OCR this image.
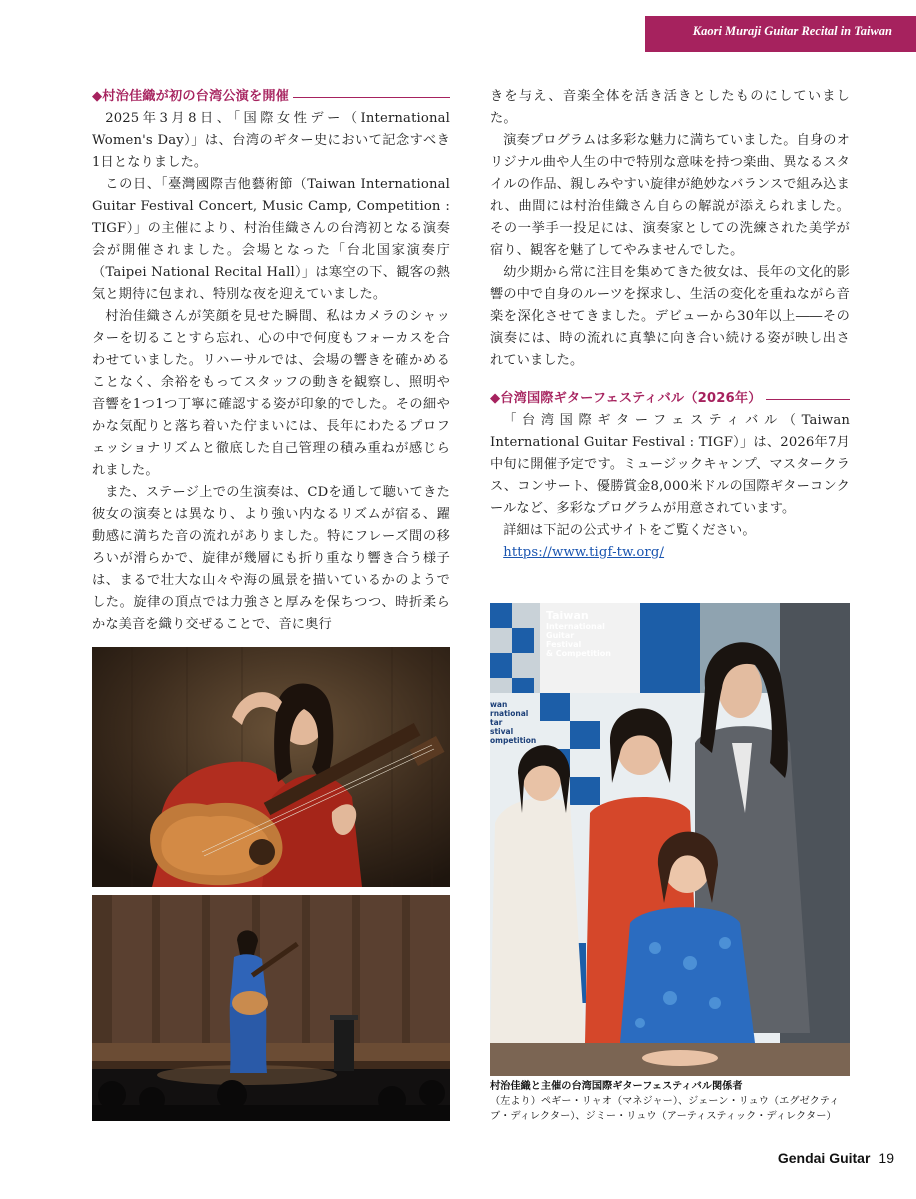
Kaori Muraji Guitar Recital in Taiwan
◆村治佳織が初の台湾公演を開催

2025年3月8日、「国際女性デー（International Women's Day）」は、台湾のギター史において記念すべき1日となりました。

この日、「臺灣國際吉他藝術節（Taiwan International Guitar Festival Concert, Music Camp, Competition : TIGF）」の主催により、村治佳織さんの台湾初となる演奏会が開催されました。会場となった「台北国家演奏庁（Taipei National Recital Hall）」は寒空の下、観客の熱気と期待に包まれ、特別な夜を迎えていました。

村治佳織さんが笑顔を見せた瞬間、私はカメラのシャッターを切ることすら忘れ、心の中で何度もフォーカスを合わせていました。リハーサルでは、会場の響きを確かめることなく、余裕をもってスタッフの動きを観察し、照明や音響を1つ1つ丁寧に確認する姿が印象的でした。その細やかな気配りと落ち着いた佇まいには、長年にわたるプロフェッショナリズムと徹底した自己管理の積み重ねが感じられました。

また、ステージ上での生演奏は、CDを通して聴いてきた彼女の演奏とは異なり、より強い内なるリズムが宿る、躍動感に満ちた音の流れがありました。特にフレーズ間の移ろいが滑らかで、旋律が幾層にも折り重なり響き合う様子は、まるで壮大な山々や海の風景を描いているかのようでした。旋律の頂点では力強さと厚みを保ちつつ、時折柔らかな美音を織り交ぜることで、音に奥行

きを与え、音楽全体を活き活きとしたものにしていました。

演奏プログラムは多彩な魅力に満ちていました。自身のオリジナル曲や人生の中で特別な意味を持つ楽曲、異なるスタイルの作品、親しみやすい旋律が絶妙なバランスで組み込まれ、曲間には村治佳織さん自らの解説が添えられました。その一挙手一投足には、演奏家としての洗練された美学が宿り、観客を魅了してやみませんでした。

幼少期から常に注目を集めてきた彼女は、長年の文化的影響の中で自身のルーツを探求し、生活の変化を重ねながら音楽を深化させてきました。デビューから30年以上――その演奏には、時の流れに真摯に向き合い続ける姿が映し出されていました。

◆台湾国際ギターフェスティバル（2026年）

「台湾国際ギターフェスティバル（Taiwan International Guitar Festival : TIGF）」は、2026年7月中旬に開催予定です。ミュージックキャンプ、マスタークラス、コンサート、優勝賞金8,000米ドルの国際ギターコンクールなど、多彩なプログラムが用意されています。

詳細は下記の公式サイトをご覧ください。

https://www.tigf-tw.org/

Taiwan
International
Guitar
Festival
& Competition
wan
rnational
tar
stival
ompetition
村治佳織と主催の台湾国際ギターフェスティバル関係者
（左より）ペギー・リャオ（マネジャー）、ジェーン・リュウ（エグゼクティ
ブ・ディレクター）、ジミー・リュウ（アーティスティック・ディレクター）
Gendai Guitar 19
